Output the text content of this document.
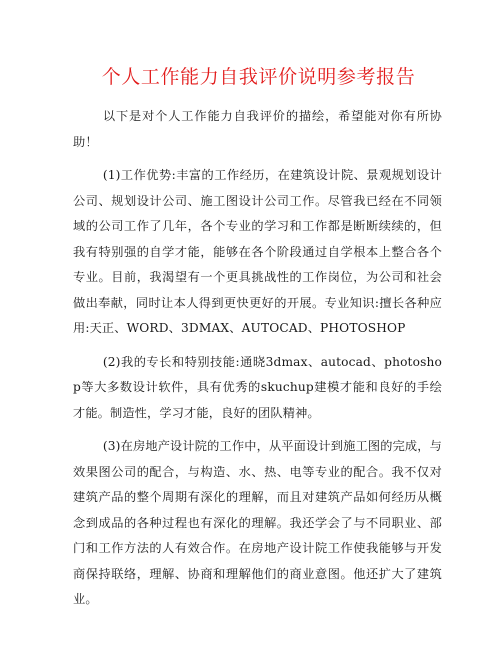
个人工作能力自我评价说明参考报告

以下是对个人工作能力自我评价的描绘，希望能对你有所协助！

(1)工作优势:丰富的工作经历，在建筑设计院、景观规划设计公司、规划设计公司、施工图设计公司工作。尽管我已经在不同领域的公司工作了几年，各个专业的学习和工作都是断断续续的，但我有特别强的自学才能，能够在各个阶段通过自学根本上整合各个专业。目前，我渴望有一个更具挑战性的工作岗位，为公司和社会做出奉献，同时让本人得到更快更好的开展。专业知识:擅长各种应用:天正、WORD、3DMAX、AUTOCAD、PHOTOSHOP

(2)我的专长和特别技能:通晓3dmax、autocad、photoshop等大多数设计软件，具有优秀的skuchup建模才能和良好的手绘才能。制造性，学习才能，良好的团队精神。

(3)在房地产设计院的工作中，从平面设计到施工图的完成，与效果图公司的配合，与构造、水、热、电等专业的配合。我不仅对建筑产品的整个周期有深化的理解，而且对建筑产品如何经历从概念到成品的各种过程也有深化的理解。我还学会了与不同职业、部门和工作方法的人有效合作。在房地产设计院工作使我能够与开发商保持联络，理解、协商和理解他们的商业意图。他还扩大了建筑业。
